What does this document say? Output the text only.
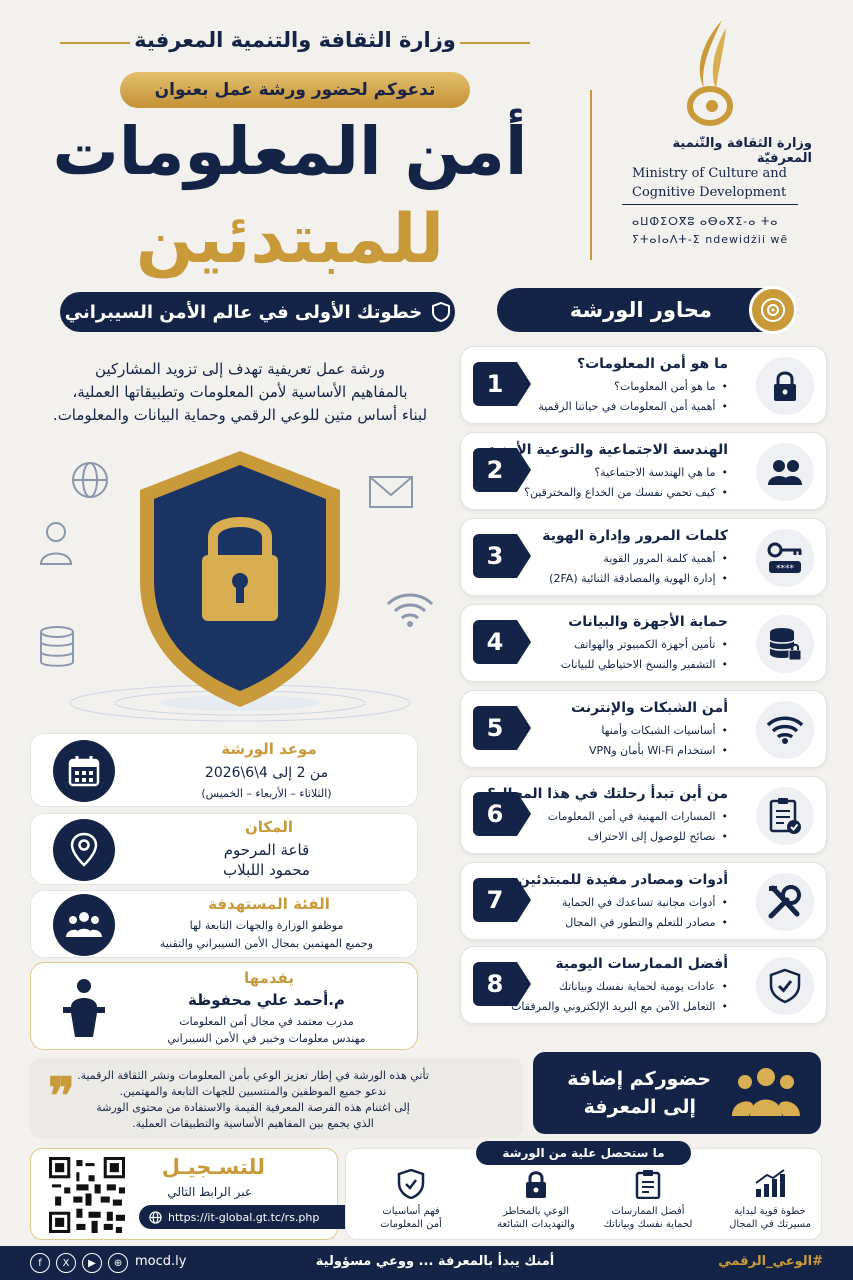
وزارة الثقافة والتنمية المعرفية
تدعوكم لحضور ورشة عمل بعنوان
أمن المعلومات
للمبتدئين
وزارة الثقافة والتّنمية المعرفيّة
Ministry of Culture and
Cognitive Development
ⴰⵡⵀⵉⵔⴳⵓ ⴰⴱⴰⴳⵉ-ⴰ ⵜⴰ
ⵢⵜⴰⵏⴰⴷⵜ-ⵉ ndewidżii wē
خطوتك الأولى في عالم الأمن السيبراني
ورشة عمل تعريفية تهدف إلى تزويد المشاركين
بالمفاهيم الأساسية لأمن المعلومات وتطبيقاتها العملية،
لبناء أساس متين للوعي الرقمي وحماية البيانات والمعلومات.
محاور الورشة
1
ما هو أمن المعلومات؟
• ما هو أمن المعلومات؟
• أهمية أمن المعلومات في حياتنا الرقمية
2
الهندسة الاجتماعية والتوعية الأمنية
• ما هي الهندسة الاجتماعية؟
• كيف تحمي نفسك من الخداع والمخترقين؟
3
كلمات المرور وإدارة الهوية
• أهمية كلمة المرور القوية
• إدارة الهوية والمصادقة الثنائية (2FA)
****
4
حماية الأجهزة والبيانات
• تأمين أجهزة الكمبيوتر والهواتف
• التشفير والنسخ الاحتياطي للبيانات
5
أمن الشبكات والإنترنت
• أساسيات الشبكات وأمنها
• استخدام Wi-Fi بأمان وVPN
6
من أين تبدأ رحلتك في هذا المجال؟
• المسارات المهنية في أمن المعلومات
• نصائح للوصول إلى الاحتراف
7
أدوات ومصادر مفيدة للمبتدئين
• أدوات مجانية تساعدك في الحماية
• مصادر للتعلم والتطور في المجال
8
أفضل الممارسات اليومية
• عادات يومية لحماية نفسك وبياناتك
• التعامل الآمن مع البريد الإلكتروني والمرفقات
موعد الورشة
من 2 إلى 4\6\2026
(الثلاثاء – الأربعاء – الخميس)
المكان
قاعة المرحوم
محمود اللبلاب
الفئة المستهدفة
موظفو الوزارة والجهات التابعة لها
وجميع المهتمين بمجال الأمن السيبراني والتقنية
يقدمها
م.أحمد علي محفوظة
مدرب معتمد في مجال أمن المعلومات
مهندس معلومات وخبير في الأمن السيبراني
❞ تأتي هذه الورشة في إطار تعزيز الوعي بأمن المعلومات ونشر الثقافة الرقمية.
ندعو جميع الموظفين والمنتسبين للجهات التابعة والمهتمين.
إلى اغتنام هذه الفرصة المعرفية القيمة والاستفادة من محتوى الورشة
الذي يجمع بين المفاهيم الأساسية والتطبيقات العملية.
حضوركم إضافة
إلى المعرفة
للتسـجيـل
عبر الرابط التالي
https://it-global.gt.tc/rs.php
ما ستحصل علية من الورشة
خطوة قوية لبداية
مسيرتك في المجال
أفضل الممارسات
لحماية نفسك وبياناتك
الوعي بالمخاطر
والتهديدات الشائعة
فهم أساسيات
أمن المعلومات
#الوعي_الرقمي
أمنك يبدأ بالمعرفة ... ووعي مسؤولية
mocd.ly
⊕
▶
X
f
